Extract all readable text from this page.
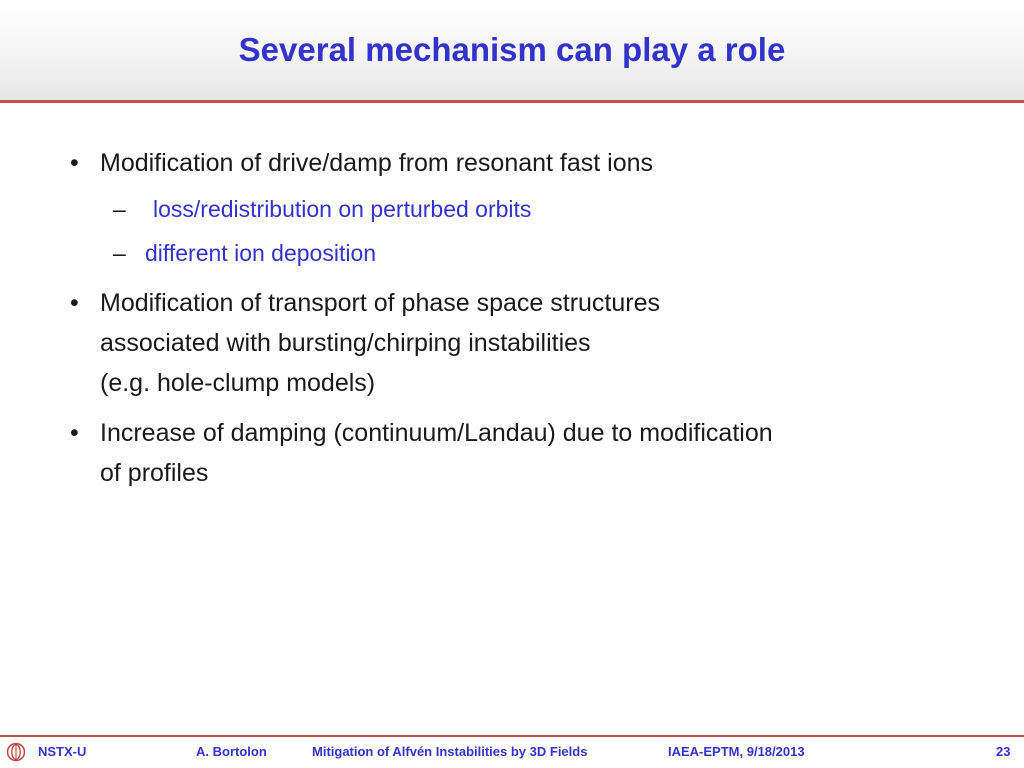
Several mechanism can play a role
• Modification of drive/damp from resonant fast ions
– loss/redistribution on perturbed orbits
– different ion deposition
• Modification of transport of phase space structures
associated with bursting/chirping instabilities
(e.g. hole-clump models)
• Increase of damping (continuum/Landau) due to modification
of profiles
NSTX-U	A. Bortolon	Mitigation of Alfvén Instabilities by 3D Fields	IAEA-EPTM, 9/18/2013	23
